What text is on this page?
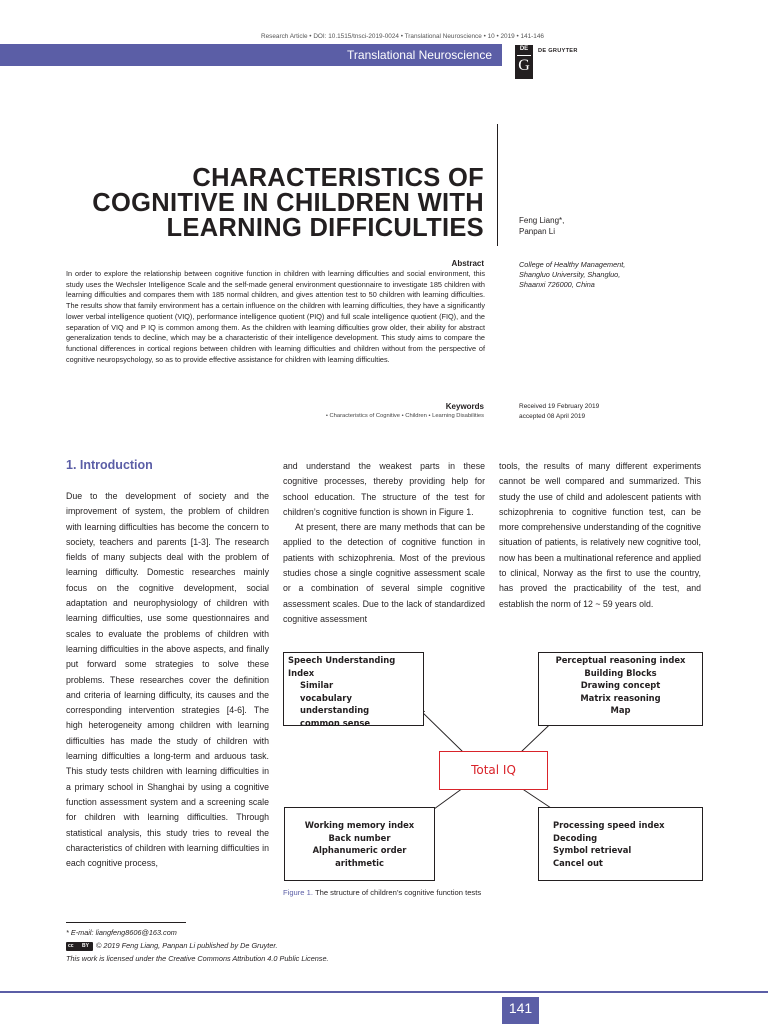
Research Article • DOI: 10.1515/tnsci-2019-0024 • Translational Neuroscience • 10 • 2019 • 141-146
Translational Neuroscience	DE
G
DE GRUYTER
CHARACTERISTICS OF
COGNITIVE IN CHILDREN WITH
LEARNING DIFFICULTIES	Feng Liang*,
Panpan Li
College of Healthy Management,
Shangluo University, Shangluo,
Shaanxi 726000, China
Abstract
In order to explore the relationship between cognitive function in children with learning difficulties and social environment, this study uses the Wechsler Intelligence Scale and the self-made general environment questionnaire to investigate 185 children with learning difficulties and compares them with 185 normal children, and gives attention test to 50 children with learning difficulties. The results show that family environment has a certain influence on the children with learning difficulties, they have a significantly lower verbal intelligence quotient (VIQ), performance intelligence quotient (PIQ) and full scale intelligence quotient (FIQ), and the separation of VIQ and P IQ is common among them. As the children with learning difficulties grow older, their ability for abstract generalization tends to decline, which may be a characteristic of their intelligence development. This study aims to compare the functional differences in cortical regions between children with learning difficulties and children without from the perspective of cognitive neuropsychology, so as to provide effective assistance for children with learning difficulties.
Keywords
• Characteristics of Cognitive • Children • Learning Disabilities
Received 19 February 2019
accepted 08 April 2019
1. Introduction

Due to the development of society and the improvement of system, the problem of children with learning difficulties has become the concern to society, teachers and parents [1-3]. The research fields of many subjects deal with the problem of learning difficulty. Domestic researches mainly focus on the cognitive development, social adaptation and neurophysiology of children with learning difficulties, use some questionnaires and scales to evaluate the problems of children with learning difficulties in the above aspects, and finally put forward some strategies to solve these problems. These researches cover the definition and criteria of learning difficulty, its causes and the corresponding intervention strategies [4-6]. The high heterogeneity among children with learning difficulties has made the study of children with learning difficulties a long-term and arduous task. This study tests children with learning difficulties in a primary school in Shanghai by using a cognitive function assessment system and a screening scale for children with learning difficulties. Through statistical analysis, this study tries to reveal the characteristics of children with learning difficulties in each cognitive process,

and understand the weakest parts in these cognitive processes, thereby providing help for school education. The structure of the test for children’s cognitive function is shown in Figure 1.

At present, there are many methods that can be applied to the detection of cognitive function in patients with schizophrenia. Most of the previous studies chose a single cognitive assessment scale or a combination of several simple cognitive assessment scales. Due to the lack of standardized cognitive assessment

tools, the results of many different experiments cannot be well compared and summarized. This study the use of child and adolescent patients with schizophrenia to cognitive function test, can be more comprehensive understanding of the cognitive situation of patients, is relatively new cognitive tool, now has been a multinational reference and applied to clinical, Norway as the first to use the country, has proved the practicability of the test, and establish the norm of 12 ~ 59 years old.

Speech Understanding Index
Similar
vocabulary
understanding
common sense
Perceptual reasoning index
Building Blocks
Drawing concept
Matrix reasoning
Map
Total IQ
Working memory index
Back number
Alphanumeric order
arithmetic
Processing speed index
Decoding
Symbol retrieval
Cancel out
Figure 1. The structure of children’s cognitive function tests
* E-mail: liangfeng8606@163.com
cc BY © 2019 Feng Liang, Panpan Li published by De Gruyter.
This work is licensed under the Creative Commons Attribution 4.0 Public License.
141
